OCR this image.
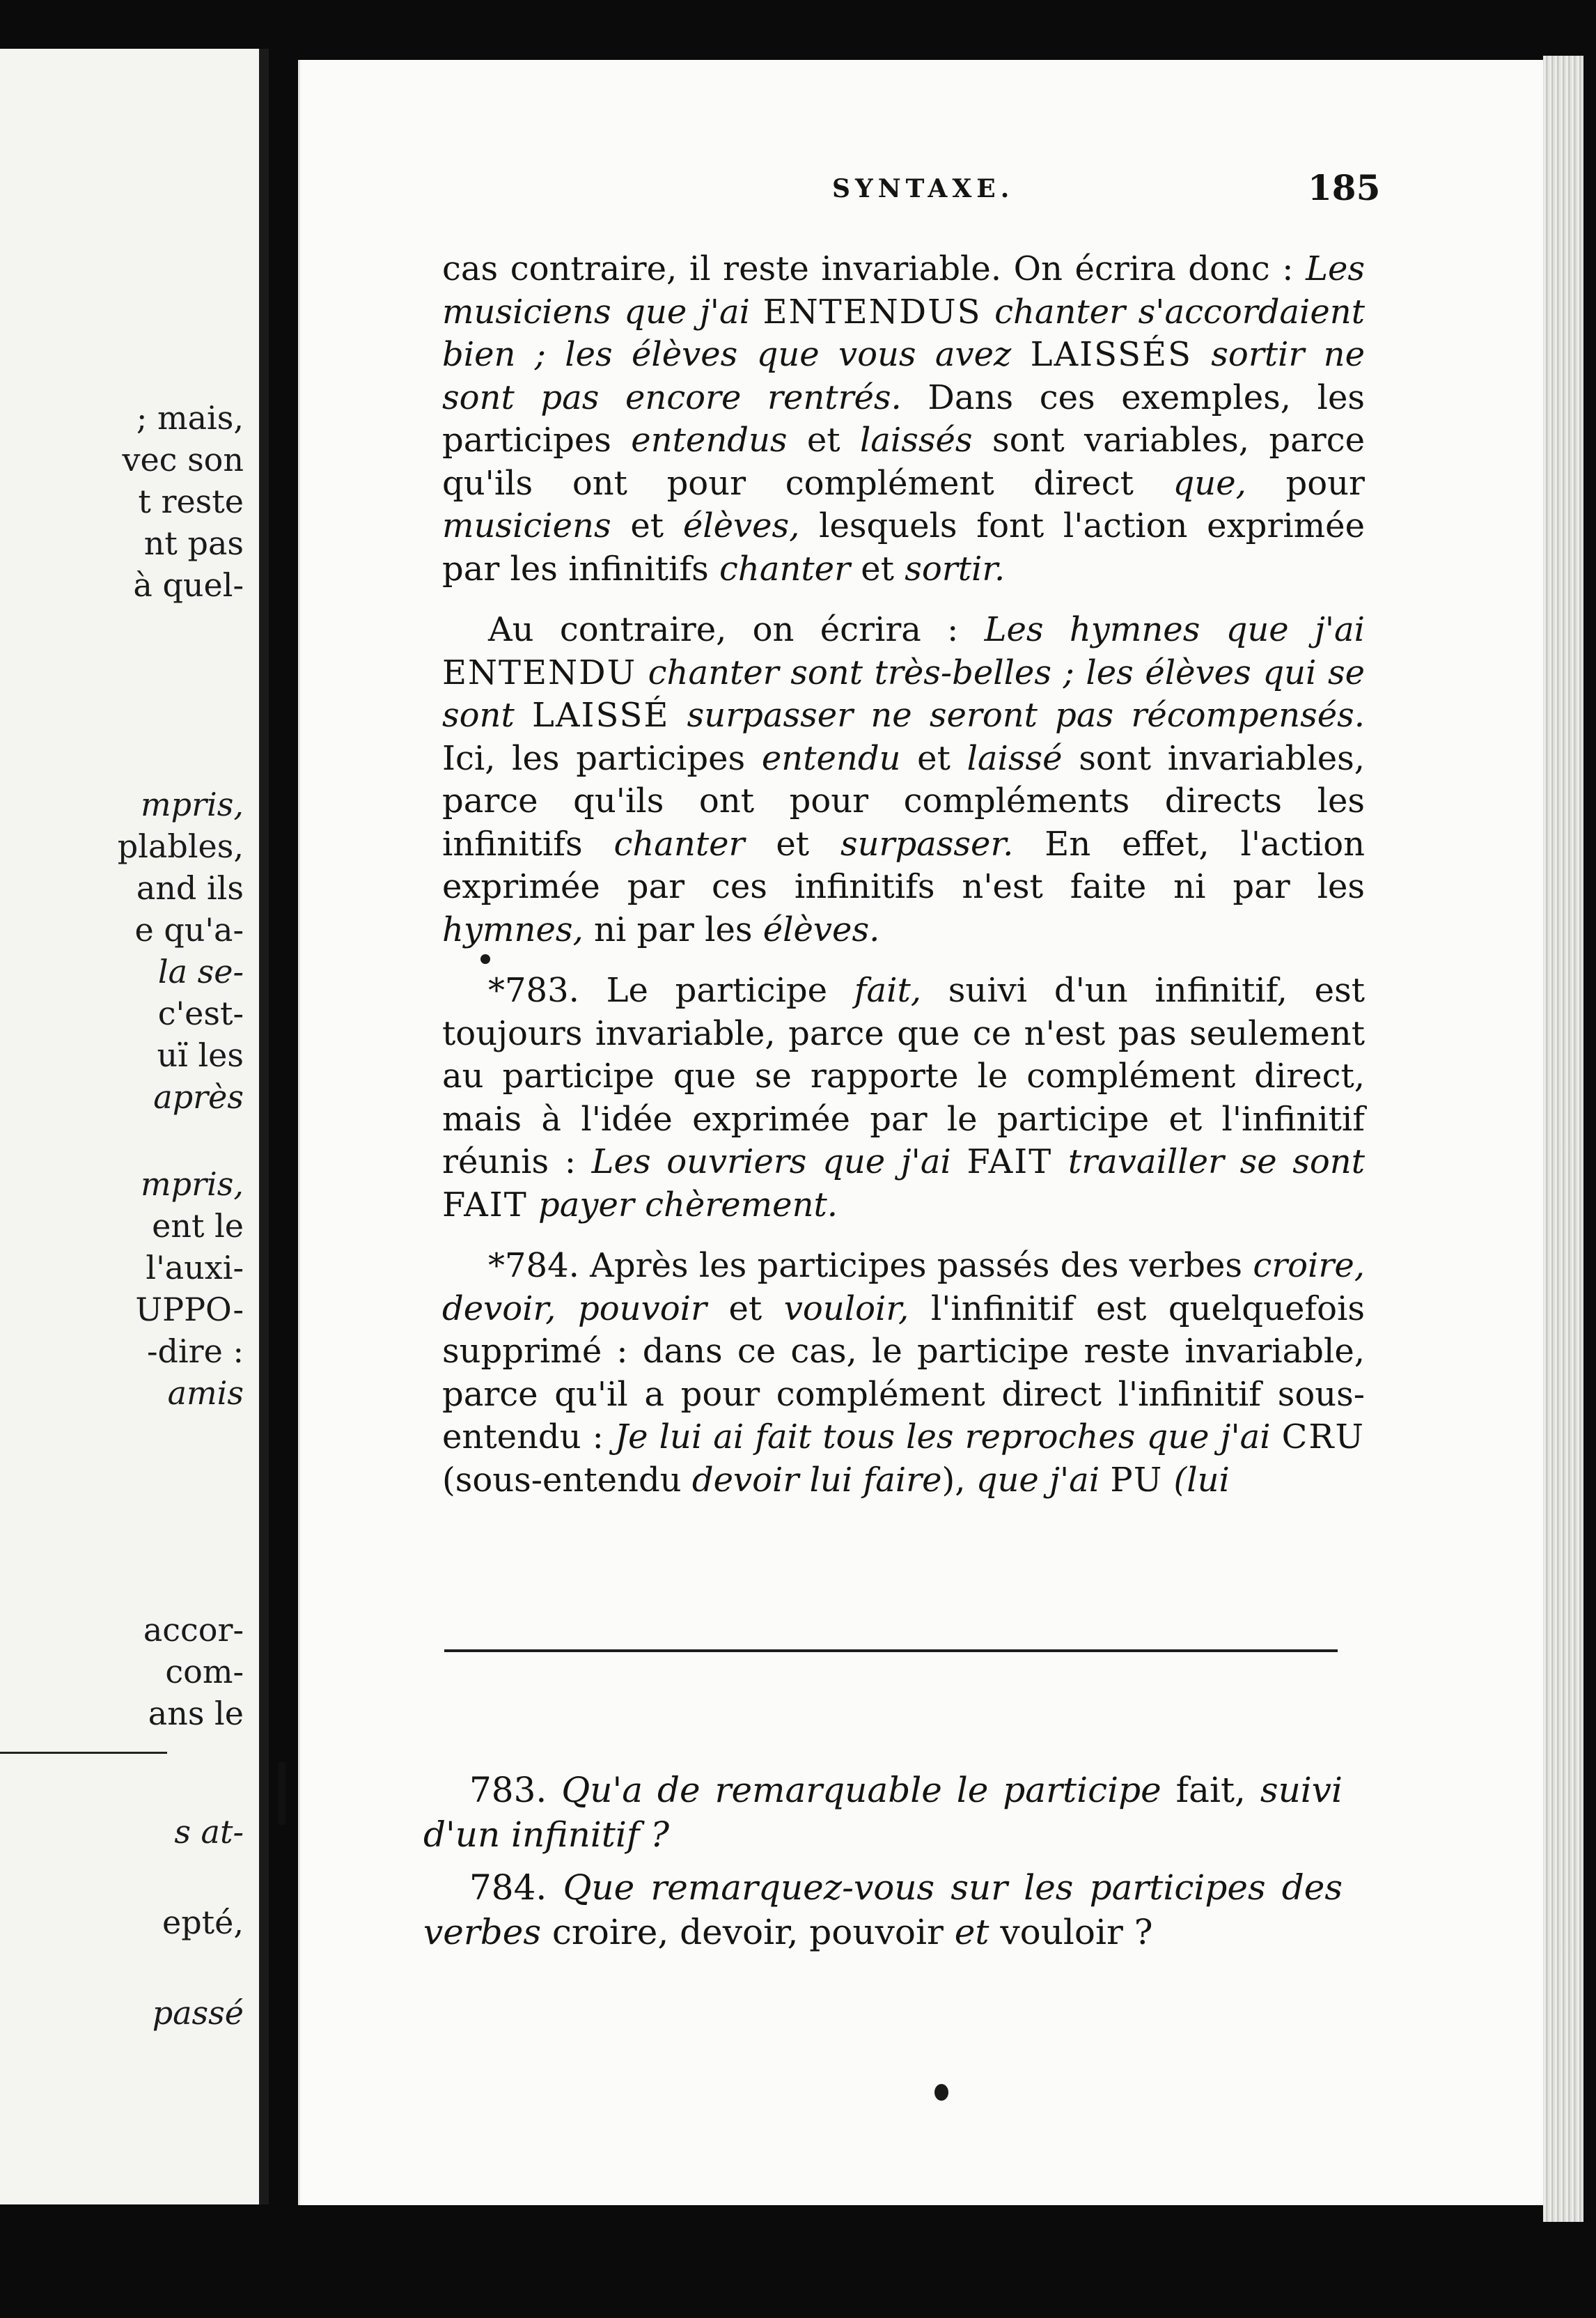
; mais,

vec son

t reste

nt pas

à quel-

mpris,

plables,

and ils

e qu'a-

la se-

c'est-

uï les

après

mpris,

ent le

l'auxi-

UPPO-

-dire :

amis

accor-

com-

ans le

s at-

epté,

passé

SYNTAXE.	185

cas contraire, il reste invariable. On écrira donc : Les musiciens que j'ai ENTENDUS chanter s'accordaient bien ; les élèves que vous avez LAISSÉS sortir ne sont pas encore rentrés. Dans ces exemples, les participes entendus et laissés sont variables, parce qu'ils ont pour complément direct que, pour musiciens et élèves, lesquels font l'action exprimée par les infinitifs chanter et sortir.

Au contraire, on écrira : Les hymnes que j'ai ENTENDU chanter sont très-belles ; les élèves qui se sont LAISSÉ surpasser ne seront pas récompensés. Ici, les participes entendu et laissé sont invariables, parce qu'ils ont pour compléments directs les infinitifs chanter et surpasser. En effet, l'action exprimée par ces infinitifs n'est faite ni par les hymnes, ni par les élèves.

*783. Le participe fait, suivi d'un infinitif, est toujours invariable, parce que ce n'est pas seulement au participe que se rapporte le complément direct, mais à l'idée exprimée par le participe et l'infinitif réunis : Les ouvriers que j'ai FAIT travailler se sont FAIT payer chèrement.

*784. Après les participes passés des verbes croire, devoir, pouvoir et vouloir, l'infinitif est quelquefois supprimé : dans ce cas, le participe reste invariable, parce qu'il a pour complément direct l'infinitif sous-entendu : Je lui ai fait tous les reproches que j'ai CRU (sous-entendu devoir lui faire), que j'ai PU (lui

783. Qu'a de remarquable le participe fait, suivi d'un infinitif ?

784. Que remarquez-vous sur les participes des verbes croire, devoir, pouvoir et vouloir ?
